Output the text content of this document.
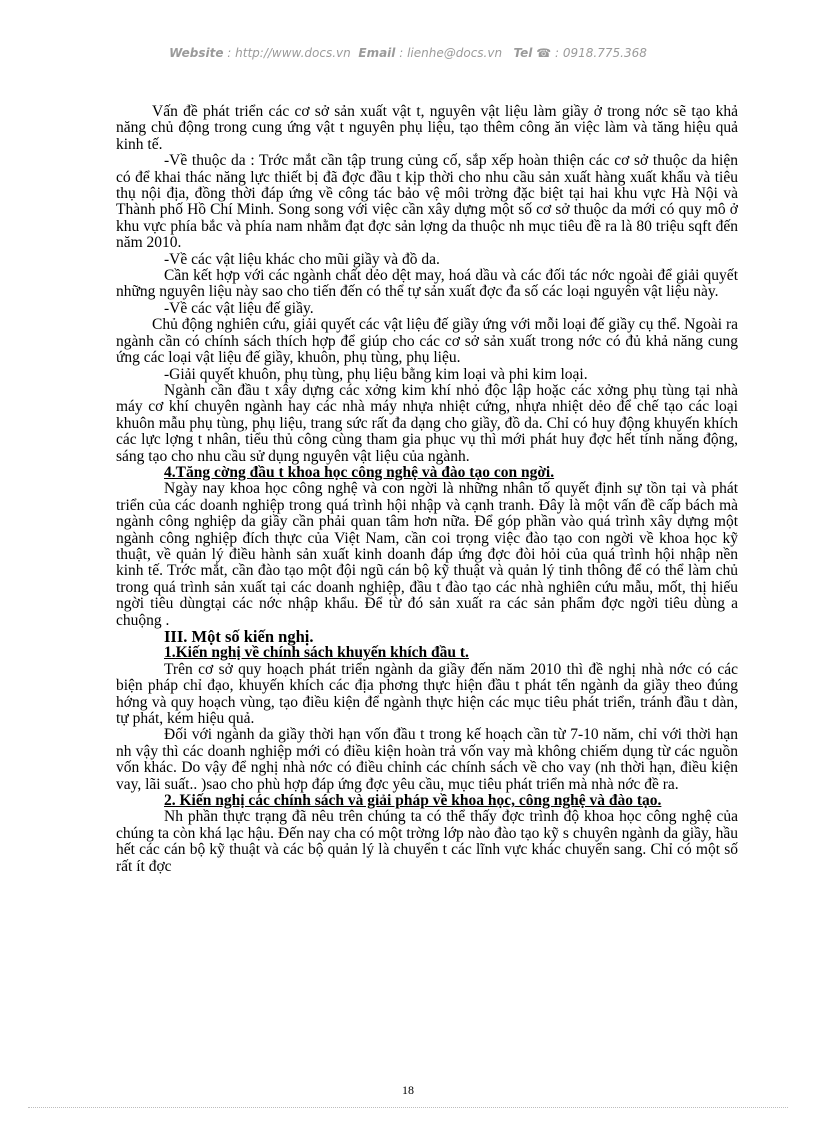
Website : http://www.docs.vn Email : lienhe@docs.vn Tel ☎ : 0918.775.368

Vấn đề phát triển các cơ sở sản xuất vật t, nguyên vật liệu làm giầy ở trong nớc sẽ tạo khả năng chủ động trong cung ứng vật t nguyên phụ liệu, tạo thêm công ăn việc làm và tăng hiệu quả kinh tế.

-Về thuộc da : Trớc mắt cần tập trung củng cố, sắp xếp hoàn thiện các cơ sở thuộc da hiện có để khai thác năng lực thiết bị đã đợc đầu t kịp thời cho nhu cầu sản xuất hàng xuất khẩu và tiêu thụ nội địa, đồng thời đáp ứng về công tác bảo vệ môi trờng đặc biệt tại hai khu vực Hà Nội và Thành phố Hồ Chí Minh. Song song với việc cần xây dựng một số cơ sở thuộc da mới có quy mô ở khu vực phía bắc và phía nam nhằm đạt đợc sản lợng da thuộc nh mục tiêu đề ra là 80 triệu sqft đến năm 2010.

-Về các vật liệu khác cho mũi giầy và đồ da.

Cần kết hợp với các ngành chất dẻo dệt may, hoá dầu và các đối tác nớc ngoài để giải quyết những nguyên liệu này sao cho tiến đến có thể tự sản xuất đợc đa số các loại nguyên vật liệu này.

-Về các vật liệu đế giầy.

Chủ động nghiên cứu, giải quyết các vật liệu đế giầy ứng với mỗi loại đế giầy cụ thể. Ngoài ra ngành cần có chính sách thích hợp để giúp cho các cơ sở sản xuất trong nớc có đủ khả năng cung ứng các loại vật liệu đế giầy, khuôn, phụ tùng, phụ liệu.

-Giải quyết khuôn, phụ tùng, phụ liệu bằng kim loại và phi kim loại.

Ngành cần đầu t xây dựng các xởng kim khí nhỏ độc lập hoặc các xởng phụ tùng tại nhà máy cơ khí chuyên ngành hay các nhà máy nhựa nhiệt cứng, nhựa nhiệt dẻo để chế tạo các loại khuôn mẫu phụ tùng, phụ liệu, trang sức rất đa dạng cho giầy, đồ da. Chỉ có huy động khuyến khích các lực lợng t nhân, tiểu thủ công cùng tham gia phục vụ thì mới phát huy đợc hết tính năng động, sáng tạo cho nhu cầu sử dụng nguyên vật liệu của ngành.

4.Tăng cờng đầu t khoa học công nghệ và đào tạo con ngời.

Ngày nay khoa học công nghệ và con ngời là những nhân tố quyết định sự tồn tại và phát triển của các doanh nghiệp trong quá trình hội nhập và cạnh tranh. Đây là một vấn đề cấp bách mà ngành công nghiệp da giầy cần phải quan tâm hơn nữa. Để góp phần vào quá trình xây dựng một ngành công nghiệp đích thực của Việt Nam, cần coi trọng việc đào tạo con ngời về khoa học kỹ thuật, về quản lý điều hành sản xuất kinh doanh đáp ứng đợc đòi hỏi của quá trình hội nhập nền kinh tế. Trớc mắt, cần đào tạo một đội ngũ cán bộ kỹ thuật và quản lý tinh thông để có thể làm chủ trong quá trình sản xuất tại các doanh nghiệp, đầu t đào tạo các nhà nghiên cứu mẫu, mốt, thị hiếu ngời tiêu dùngtại các nớc nhập khẩu. Để từ đó sản xuất ra các sản phẩm đợc ngời tiêu dùng a chuộng .

III. Một số kiến nghị.

1.Kiến nghị về chính sách khuyến khích đầu t.

Trên cơ sở quy hoạch phát triển ngành da giầy đến năm 2010 thì đề nghị nhà nớc có các biện pháp chỉ đạo, khuyến khích các địa phơng thực hiện đầu t phát tển ngành da giầy theo đúng hớng và quy hoạch vùng, tạo điều kiện để ngành thực hiện các mục tiêu phát triển, tránh đầu t dàn, tự phát, kém hiệu quả.

Đối với ngành da giầy thời hạn vốn đầu t trong kế hoạch cần từ 7-10 năm, chỉ với thời hạn nh vậy thì các doanh nghiệp mới có điều kiện hoàn trả vốn vay mà không chiếm dụng từ các nguồn vốn khác. Do vậy để nghị nhà nớc có điều chỉnh các chính sách về cho vay (nh thời hạn, điều kiện vay, lãi suất.. )sao cho phù hợp đáp ứng đợc yêu cầu, mục tiêu phát triển mà nhà nớc đề ra.

2. Kiến nghị các chính sách và giải pháp về khoa học, công nghệ và đào tạo.

Nh phần thực trạng đã nêu trên chúng ta có thể thấy đợc trình độ khoa học công nghệ của chúng ta còn khá lạc hậu. Đến nay cha có một trờng lớp nào đào tạo kỹ s chuyên ngành da giầy, hầu hết các cán bộ kỹ thuật và các bộ quản lý là chuyển t các lĩnh vực khác chuyển sang. Chỉ có một số rất ít đợc

18
